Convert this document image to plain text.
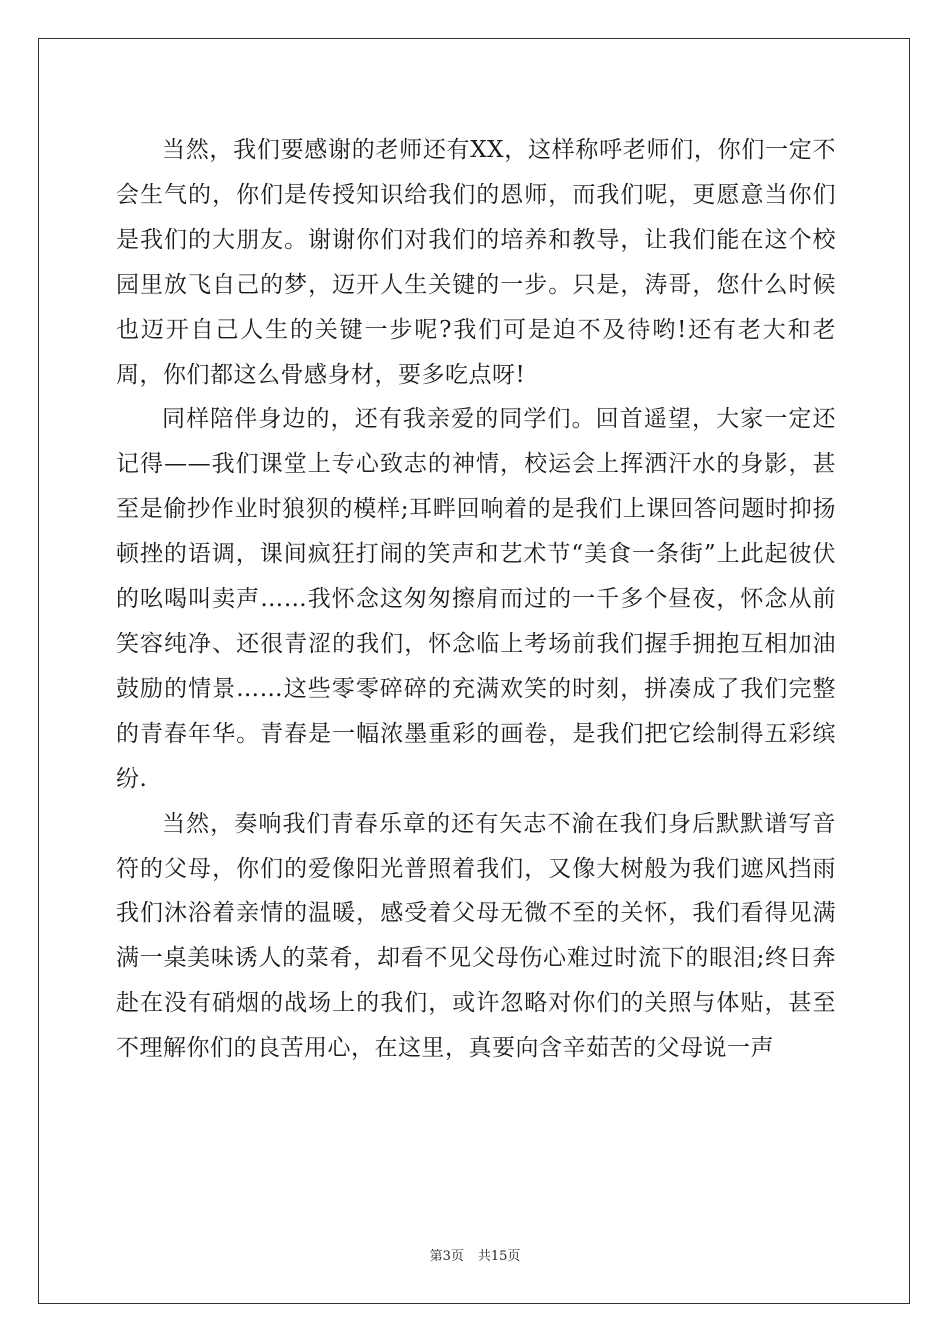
当然，我们要感谢的老师还有XX，这样称呼老师们，你们一定不会生气的，你们是传授知识给我们的恩师，而我们呢，更愿意当你们是我们的大朋友。谢谢你们对我们的培养和教导，让我们能在这个校园里放飞自己的梦，迈开人生关键的一步。只是，涛哥，您什么时候也迈开自己人生的关键一步呢?我们可是迫不及待哟!还有老大和老周，你们都这么骨感身材，要多吃点呀!

同样陪伴身边的，还有我亲爱的同学们。回首遥望，大家一定还记得——我们课堂上专心致志的神情，校运会上挥洒汗水的身影，甚至是偷抄作业时狼狈的模样;耳畔回响着的是我们上课回答问题时抑扬顿挫的语调，课间疯狂打闹的笑声和艺术节“美食一条街”上此起彼伏的吆喝叫卖声……我怀念这匆匆擦肩而过的一千多个昼夜，怀念从前笑容纯净、还很青涩的我们，怀念临上考场前我们握手拥抱互相加油鼓励的情景……这些零零碎碎的充满欢笑的时刻，拼凑成了我们完整的青春年华。青春是一幅浓墨重彩的画卷，是我们把它绘制得五彩缤纷.

当然，奏响我们青春乐章的还有矢志不渝在我们身后默默谱写音符的父母，你们的爱像阳光普照着我们，又像大树般为我们遮风挡雨我们沐浴着亲情的温暖，感受着父母无微不至的关怀，我们看得见满满一桌美味诱人的菜肴，却看不见父母伤心难过时流下的眼泪;终日奔赴在没有硝烟的战场上的我们，或许忽略对你们的关照与体贴，甚至不理解你们的良苦用心，在这里，真要向含辛茹苦的父母说一声

第3页 共15页
